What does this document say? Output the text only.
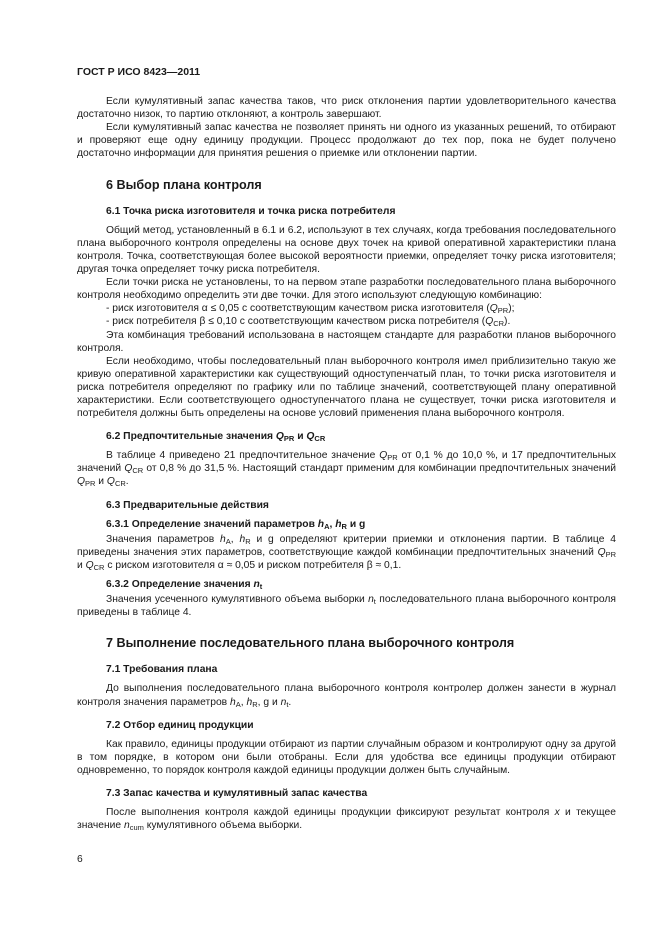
ГОСТ Р ИСО 8423—2011

Если кумулятивный запас качества таков, что риск отклонения партии удовлетворительного качества достаточно низок, то партию отклоняют, а контроль завершают.

Если кумулятивный запас качества не позволяет принять ни одного из указанных решений, то отбирают и проверяют еще одну единицу продукции. Процесс продолжают до тех пор, пока не будет получено достаточно информации для принятия решения о приемке или отклонении партии.

6 Выбор плана контроля
6.1 Точка риска изготовителя и точка риска потребителя

Общий метод, установленный в 6.1 и 6.2, используют в тех случаях, когда требования последовательного плана выборочного контроля определены на основе двух точек на кривой оперативной характеристики плана контроля. Точка, соответствующая более высокой вероятности приемки, определяет точку риска изготовителя; другая точка определяет точку риска потребителя.

Если точки риска не установлены, то на первом этапе разработки последовательного плана выборочного контроля необходимо определить эти две точки. Для этого используют следующую комбинацию:

- риск изготовителя α ≤ 0,05 с соответствующим качеством риска изготовителя $(Q_{PR})$;
- риск потребителя β ≤ 0,10 с соответствующим качеством риска потребителя $(Q_{CR})$.

Эта комбинация требований использована в настоящем стандарте для разработки планов выборочного контроля.

Если необходимо, чтобы последовательный план выборочного контроля имел приблизительно такую же кривую оперативной характеристики как существующий одноступенчатый план, то точки риска изготовителя и риска потребителя определяют по графику или по таблице значений, соответствующей плану оперативной характеристики. Если соответствующего одноступенчатого плана не существует, точки риска изготовителя и потребителя должны быть определены на основе условий применения плана выборочного контроля.

6.2 Предпочтительные значения $Q_{PR}$ и $Q_{CR}$

В таблице 4 приведено 21 предпочтительное значение $Q_{PR}$ от 0,1 % до 10,0 %, и 17 предпочтительных значений $Q_{CR}$ от 0,8 % до 31,5 %. Настоящий стандарт применим для комбинации предпочтительных значений $Q_{PR}$ и $Q_{CR}$.

6.3 Предварительные действия
6.3.1 Определение значений параметров $h_A$, $h_R$ и g

Значения параметров $h_A$, $h_R$ и g определяют критерии приемки и отклонения партии. В таблице 4 приведены значения этих параметров, соответствующие каждой комбинации предпочтительных значений $Q_{PR}$ и $Q_{CR}$ с риском изготовителя α ≈ 0,05 и риском потребителя β ≈ 0,1.

6.3.2 Определение значения $n_t$

Значения усеченного кумулятивного объема выборки $n_t$ последовательного плана выборочного контроля приведены в таблице 4.

7 Выполнение последовательного плана выборочного контроля
7.1 Требования плана

До выполнения последовательного плана выборочного контроля контролер должен занести в журнал контроля значения параметров $h_A$, $h_R$, g и $n_t$.

7.2 Отбор единиц продукции

Как правило, единицы продукции отбирают из партии случайным образом и контролируют одну за другой в том порядке, в котором они были отобраны. Если для удобства все единицы продукции отбирают одновременно, то порядок контроля каждой единицы продукции должен быть случайным.

7.3 Запас качества и кумулятивный запас качества

После выполнения контроля каждой единицы продукции фиксируют результат контроля x и текущее значение $n_{cum}$ кумулятивного объема выборки.

6
